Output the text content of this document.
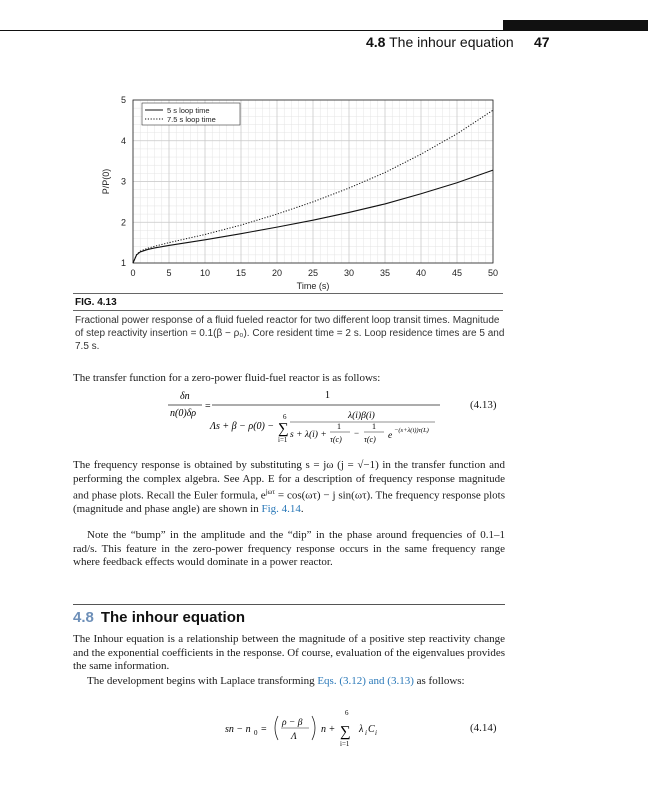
4.8 The inhour equation 47
0	5	10	15	20	25	30	35	40	45	50
1
2
3
4
5
Time (s)
P/P(0)
5 s loop time
7.5 s loop time
FIG. 4.13
Fractional power response of a fluid fueled reactor for two different loop transit times. Magnitude of step reactivity insertion = 0.1(β − ρ₀). Core resident time = 2 s. Loop residence times are 5 and 7.5 s.
The transfer function for a zero-power fluid-fuel reactor is as follows:
δn
n(0)δρ
=
1
Λs + β − ρ(0) −
6
∑
i=1
λ(i)β(i)
s + λ(i) +
1
τ(c)
−
1
τ(c) e
−(s+λ(i))τ(L)
(4.13)
The frequency response is obtained by substituting s = jω (j = √−1) in the transfer function and performing the complex algebra. See App. E for a description of frequency response magnitude and phase plots. Recall the Euler formula, $e^{j\omega\tau} = \cos(\omega\tau) - j$ sin(ωτ). The frequency response plots (magnitude and phase angle) are shown in Fig. 4.14.
Note the “bump” in the amplitude and the “dip” in the phase around frequencies of 0.1–1 rad/s. This feature in the zero-power frequency response occurs in the same frequency range where feedback effects would dominate in a power reactor.
4.8 The inhour equation
The Inhour equation is a relationship between the magnitude of a positive step reactivity change and the exponential coefficients in the response. Of course, evaluation of the eigenvalues provides the same information.
The development begins with Laplace transforming Eqs. (3.12) and (3.13) as follows:
sn − n 0 =
ρ − β
Λ
n +
6
∑
i=1
λ i C i	(4.14)
